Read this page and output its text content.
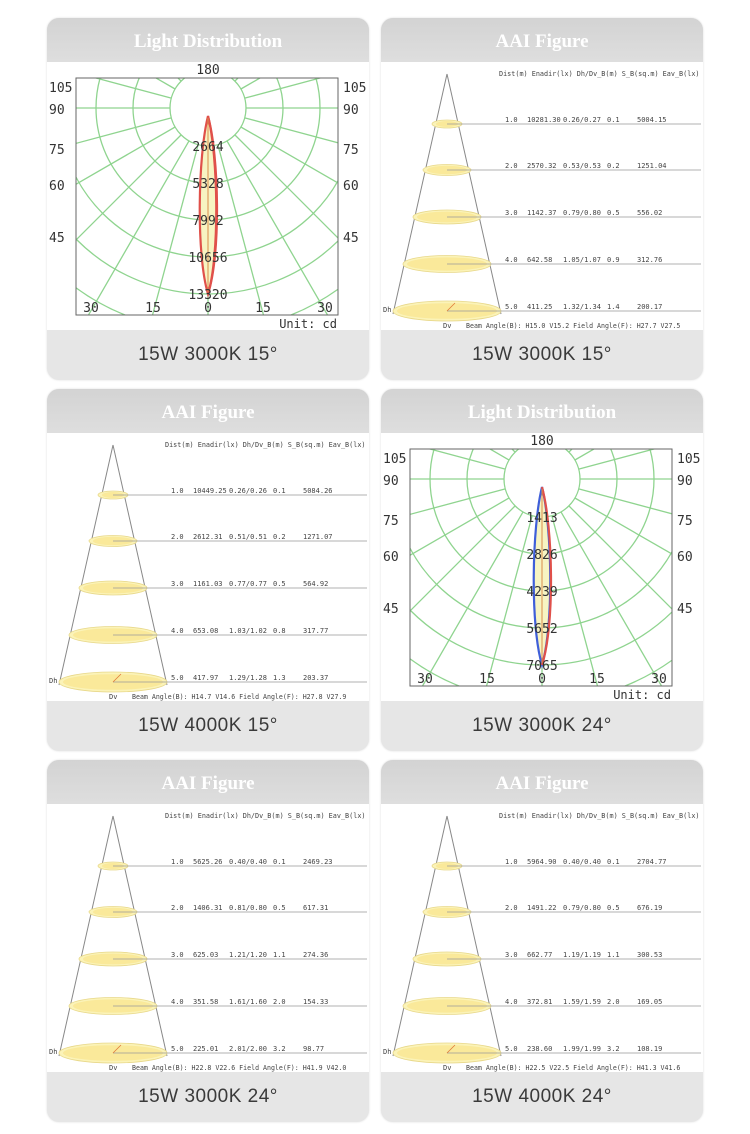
Light Distribution
2664
5328
7992
10656
13320
180
105
90
75
60
45
105
90
75
60
45
30	15	0	15	30
Unit: cd
15W 3000K 15°
AAI Figure
Dist(m) Enadir(lx) Dh/Dv_B(m) S_B(sq.m) Eav_B(lx)
1.0 10281.30 0.26/0.27 0.1 5004.15
2.0 2570.32 0.53/0.53 0.2 1251.04
3.0 1142.37 0.79/0.80 0.5 556.02
4.0 642.58 1.05/1.07 0.9 312.76
5.0 411.25 1.32/1.34 1.4 200.17
Dh
Dv Beam Angle(B): H15.0 V15.2 Field Angle(F): H27.7 V27.5
15W 3000K 15°
AAI Figure
Dist(m) Enadir(lx) Dh/Dv_B(m) S_B(sq.m) Eav_B(lx)
1.0 10449.25 0.26/0.26 0.1 5084.26
2.0 2612.31 0.51/0.51 0.2 1271.07
3.0 1161.03 0.77/0.77 0.5 564.92
4.0 653.08 1.03/1.02 0.8 317.77
5.0 417.97 1.29/1.28 1.3 203.37
Dh
Dv Beam Angle(B): H14.7 V14.6 Field Angle(F): H27.8 V27.9
15W 4000K 15°
Light Distribution
1413
2826
4239
5652
7065
180
105
90
75
60
45
105
90
75
60
45
30	15	0	15	30
Unit: cd
15W 3000K 24°
AAI Figure
Dist(m) Enadir(lx) Dh/Dv_B(m) S_B(sq.m) Eav_B(lx)
1.0 5625.26 0.40/0.40 0.1 2469.23
2.0 1406.31 0.81/0.80 0.5 617.31
3.0 625.03 1.21/1.20 1.1 274.36
4.0 351.58 1.61/1.60 2.0 154.33
5.0 225.01 2.01/2.00 3.2 98.77
Dh
Dv Beam Angle(B): H22.8 V22.6 Field Angle(F): H41.9 V42.0
15W 3000K 24°
AAI Figure
Dist(m) Enadir(lx) Dh/Dv_B(m) S_B(sq.m) Eav_B(lx)
1.0 5964.90 0.40/0.40 0.1 2704.77
2.0 1491.22 0.79/0.80 0.5 676.19
3.0 662.77 1.19/1.19 1.1 300.53
4.0 372.81 1.59/1.59 2.0 169.05
5.0 238.60 1.99/1.99 3.2 108.19
Dh
Dv Beam Angle(B): H22.5 V22.5 Field Angle(F): H41.3 V41.6
15W 4000K 24°
